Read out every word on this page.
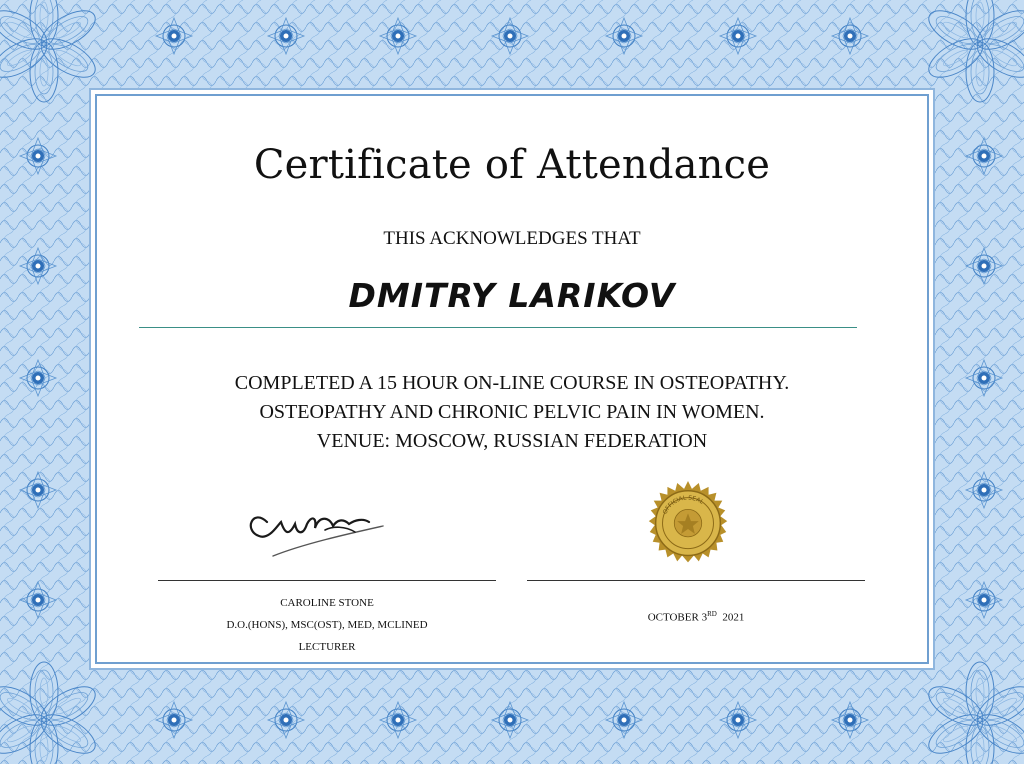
Certificate of Attendance
THIS ACKNOWLEDGES THAT
DMITRY LARIKOV
COMPLETED A 15 HOUR ON-LINE COURSE IN OSTEOPATHY.
OSTEOPATHY AND CHRONIC PELVIC PAIN IN WOMEN.
VENUE: MOSCOW, RUSSIAN FEDERATION
OFFICIAL SEAL
CAROLINE STONE
D.O.(HONS), MSC(OST), MED, MCLINED
LECTURER
OCTOBER 3RD 2021
